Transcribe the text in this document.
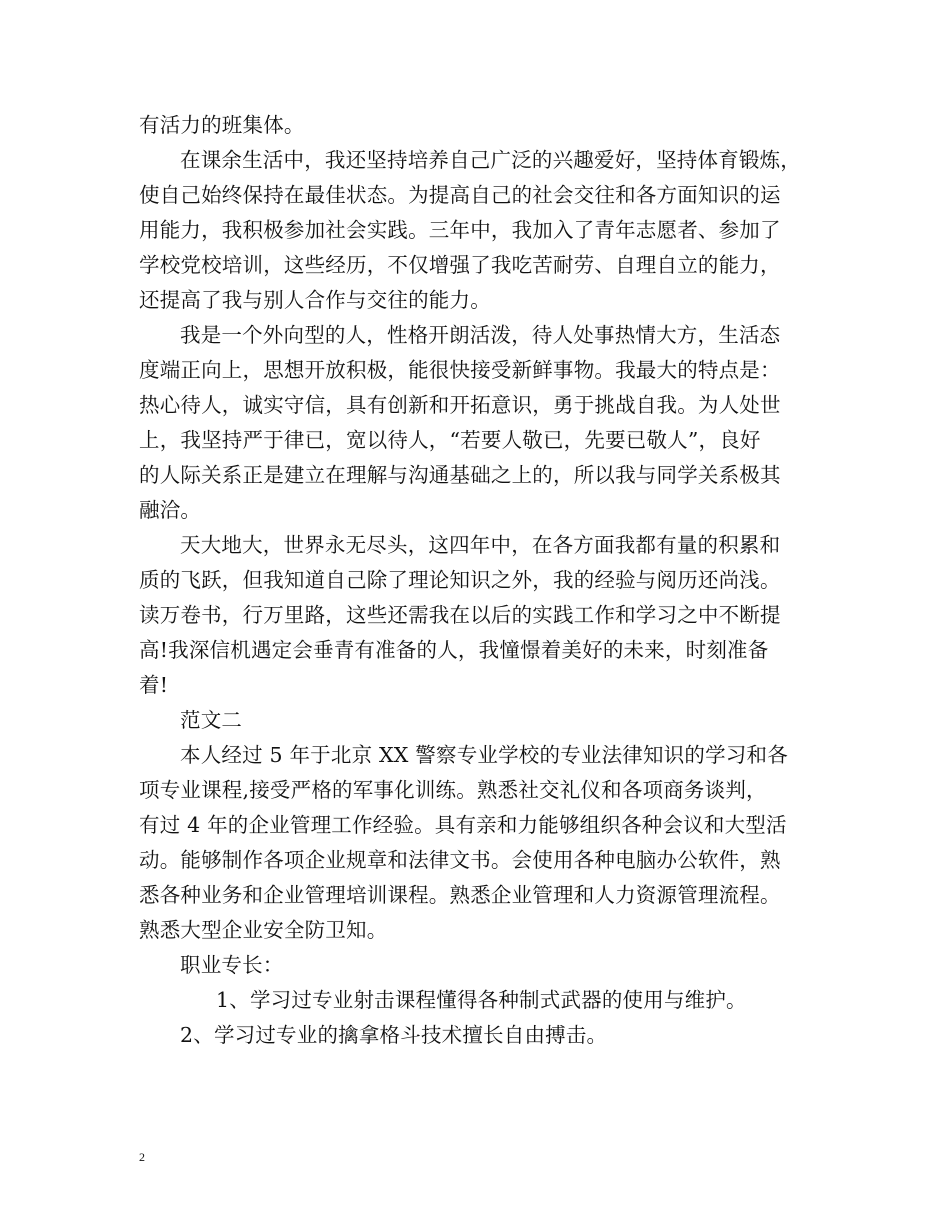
有活力的班集体。
在课余生活中，我还坚持培养自己广泛的兴趣爱好，坚持体育锻炼，
使自己始终保持在最佳状态。为提高自己的社会交往和各方面知识的运
用能力，我积极参加社会实践。三年中，我加入了青年志愿者、参加了
学校党校培训，这些经历，不仅增强了我吃苦耐劳、自理自立的能力，
还提高了我与别人合作与交往的能力。
我是一个外向型的人，性格开朗活泼，待人处事热情大方，生活态
度端正向上，思想开放积极，能很快接受新鲜事物。我最大的特点是：
热心待人，诚实守信，具有创新和开拓意识，勇于挑战自我。为人处世
上，我坚持严于律已，宽以待人，“若要人敬已，先要已敬人”，良好
的人际关系正是建立在理解与沟通基础之上的，所以我与同学关系极其
融洽。
天大地大，世界永无尽头，这四年中，在各方面我都有量的积累和
质的飞跃，但我知道自己除了理论知识之外，我的经验与阅历还尚浅。
读万卷书，行万里路，这些还需我在以后的实践工作和学习之中不断提
高!我深信机遇定会垂青有准备的人，我憧憬着美好的未来，时刻准备
着!
范文二
本人经过 5 年于北京 XX 警察专业学校的专业法律知识的学习和各
项专业课程,接受严格的军事化训练。熟悉社交礼仪和各项商务谈判，
有过 4 年的企业管理工作经验。具有亲和力能够组织各种会议和大型活
动。能够制作各项企业规章和法律文书。会使用各种电脑办公软件，熟
悉各种业务和企业管理培训课程。熟悉企业管理和人力资源管理流程。
熟悉大型企业安全防卫知。
职业专长：
1、学习过专业射击课程懂得各种制式武器的使用与维护。
2、学习过专业的擒拿格斗技术擅长自由搏击。
2
